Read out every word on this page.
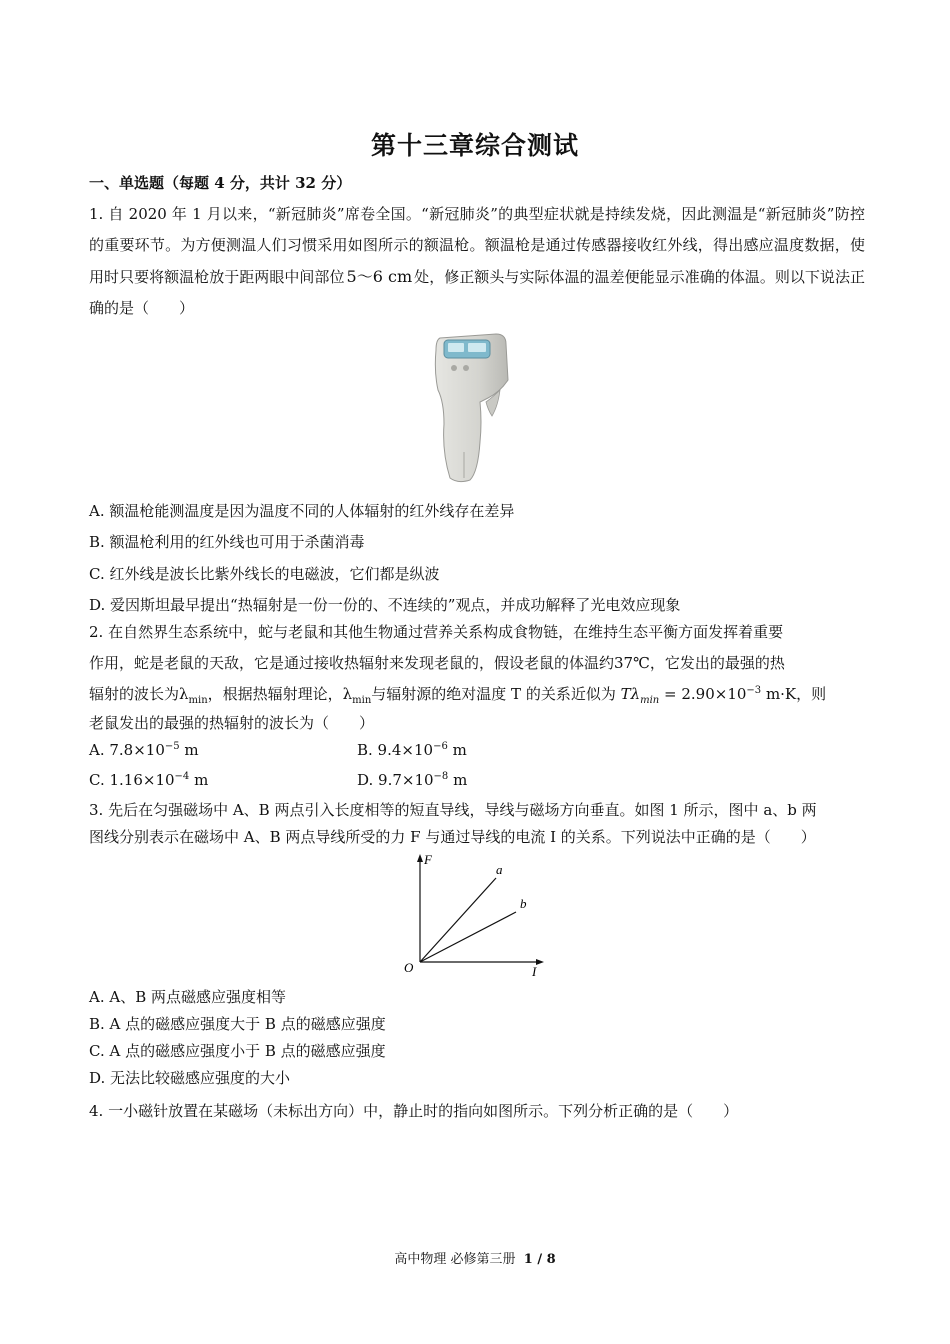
第十三章综合测试
一、单选题（每题 4 分，共计 32 分）
1. 自 2020 年 1 月以来，“新冠肺炎”席卷全国。“新冠肺炎”的典型症状就是持续发烧，因此测温是“新冠肺炎”防控的重要环节。为方便测温人们习惯采用如图所示的额温枪。额温枪是通过传感器接收红外线，得出感应温度数据，使用时只要将额温枪放于距两眼中间部位 5～6 cm 处，修正额头与实际体温的温差便能显示准确的体温。则以下说法正确的是（　　）
A. 额温枪能测温度是因为温度不同的人体辐射的红外线存在差异
B. 额温枪利用的红外线也可用于杀菌消毒
C. 红外线是波长比紫外线长的电磁波，它们都是纵波
D. 爱因斯坦最早提出“热辐射是一份一份的、不连续的”观点，并成功解释了光电效应现象
2. 在自然界生态系统中，蛇与老鼠和其他生物通过营养关系构成食物链，在维持生态平衡方面发挥着重要
作用，蛇是老鼠的天敌，它是通过接收热辐射来发现老鼠的，假设老鼠的体温约37℃，它发出的最强的热
辐射的波长为$\lambda_{min}$，根据热辐射理论，$\lambda_{min}$与辐射源的绝对温度 T 的关系近似为 $T\lambda_{min} = 2.90\times 10^{-3}$ m·K，则
老鼠发出的最强的热辐射的波长为（　　）
A. $7.8\times 10^{-5}$ m	B. $9.4\times 10^{-6}$ m
C. $1.16\times 10^{-4}$ m	D. $9.7\times 10^{-8}$ m
3. 先后在匀强磁场中 A、B 两点引入长度相等的短直导线，导线与磁场方向垂直。如图 1 所示，图中 a、b 两
图线分别表示在磁场中 A、B 两点导线所受的力 F 与通过导线的电流 I 的关系。下列说法中正确的是（　　）
F
I
O
a
b
A. A、B 两点磁感应强度相等
B. A 点的磁感应强度大于 B 点的磁感应强度
C. A 点的磁感应强度小于 B 点的磁感应强度
D. 无法比较磁感应强度的大小
4. 一小磁针放置在某磁场（未标出方向）中，静止时的指向如图所示。下列分析正确的是（　　）
高中物理 必修第三册 1 / 8
